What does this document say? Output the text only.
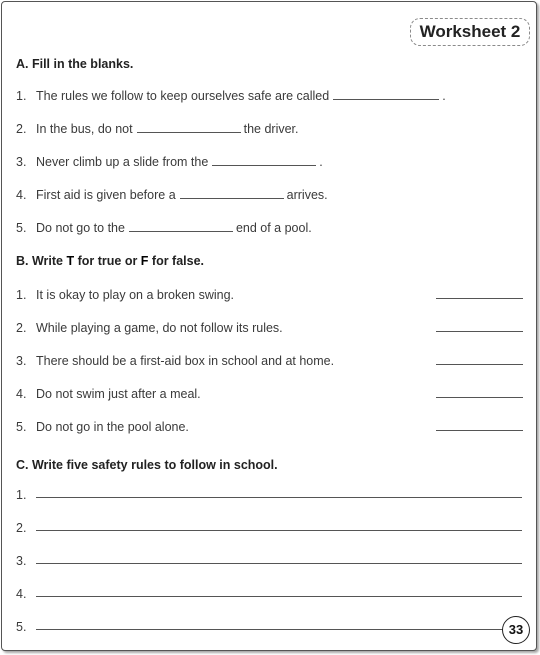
Worksheet 2
A. Fill in the blanks.
1. The rules we follow to keep ourselves safe are called	.
2. In the bus, do not	the driver.
3. Never climb up a slide from the	.
4. First aid is given before a	arrives.
5. Do not go to the	end of a pool.
B. Write T for true or F for false.
1. It is okay to play on a broken swing.
2. While playing a game, do not follow its rules.
3. There should be a first-aid box in school and at home.
4. Do not swim just after a meal.
5. Do not go in the pool alone.
C. Write five safety rules to follow in school.
1.
2.
3.
4.
5.	33
